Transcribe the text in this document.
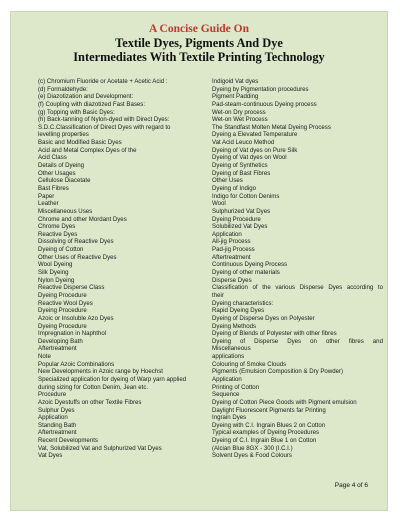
A Concise Guide On
Textile Dyes, Pigments And Dye
Intermediates With Textile Printing Technology
(c) Chromium Fluoride or Acetate + Acetic Acid :
(d) Formaldehyde:
(e) Diazotization and Development:
(f) Coupling with diazotized Fast Bases:
(g) Topping with Basic Dyes:
(h) Back-tanning of Nylon-dyed with Direct Dyes:
S.D.C.Classification of Direct Dyes with regard to
levelling properties
Basic and Modified Basic Dyes
Acid and Metal Complex Dyes of the
Acid Class
Details of Dyeing
Other Usages
Cellulose Diacetate
Bast Fibres
Paper
Leather
Miscellaneous Uses
Chrome and other Mordant Dyes
Chrome Dyes
Reactive Dyes
Dissolving of Reactive Dyes
Dyeing of Cotton
Other Uses of Reactive Dyes
Wool Dyeing
Silk Dyeing
Nylon Dyeing
Reactive Disperse Class
Dyeing Procedure
Reactive Wool Dyes
Dyeing Procedure
Azoic or Insoluble Azo Dyes
Dyeing Procedure
Impregnation in Naphthol
Developing Bath
Aftertreatment
Note
Popular Azoic Combinations
New Developments in Azoic range by Hoechst
Specialized application for dyeing of Warp yarn applied
during sizing for Cotton Denim, Jean etc.
Procedure
Azoic Dyestuffs on other Textile Fibres
Sulphur Dyes
Application
Standing Bath
Aftertreatment
Recent Developments
Vat, Solubilized Vat and Sulphurized Vat Dyes
Vat Dyes
Indigoid Vat dyes
Dyeing by Pigmentation procedures
Pigment Padding
Pad-steam-continuous Dyeing process
Wet-on Dry process
Wet-on Wet Process
The Standfast Molten Metal Dyeing Process
Dyeing a Elevated Temperature
Vat Acid Leuco Method
Dyeing of Vat dyes on Pure Silk
Dyeing of Vat dyes on Wool
Dyeing of Synthetics
Dyeing of Bast Fibres
Other Uses
Dyeing of Indigo
Indigo for Cotton Denims
Wool
Sulphurized Vat Dyes
Dyeing Procedure
Solubilized Vat Dyes
Application
All-jig Process
Pad-jig Process
Aftertreatment
Continuous Dyeing Process
Dyeing of other materials
Disperse Dyes
Classification of the various Disperse Dyes according to
their
Dyeing characteristics:
Rapid Dyeing Dyes
Dyeing of Disperse Dyes on Polyester
Dyeing Methods
Dyeing of Blends of Polyester with other fibres
Dyeing of Disperse Dyes on other fibres and
Miscellaneous
applications
Colouring of Smoke Clouds
Pigments (Emulsion Composition & Dry Powder)
Application
Printing of Cotton
Sequence
Dyeing of Cotton Piece Goods with Pigment emulsion
Daylight Fluorescent Pigments far Printing
Ingrain Dyes
Dyeing with C.I. Ingrain Blues 2 on Cotton
Typical examples of Dyeing Procedures
Dyeing of C.I. Ingrain Blue 1 on Cotton
(Alcian Blue 8GX - 300 (I.C.I.)
Solvent Dyes & Food Colours
Page 4 of 6
